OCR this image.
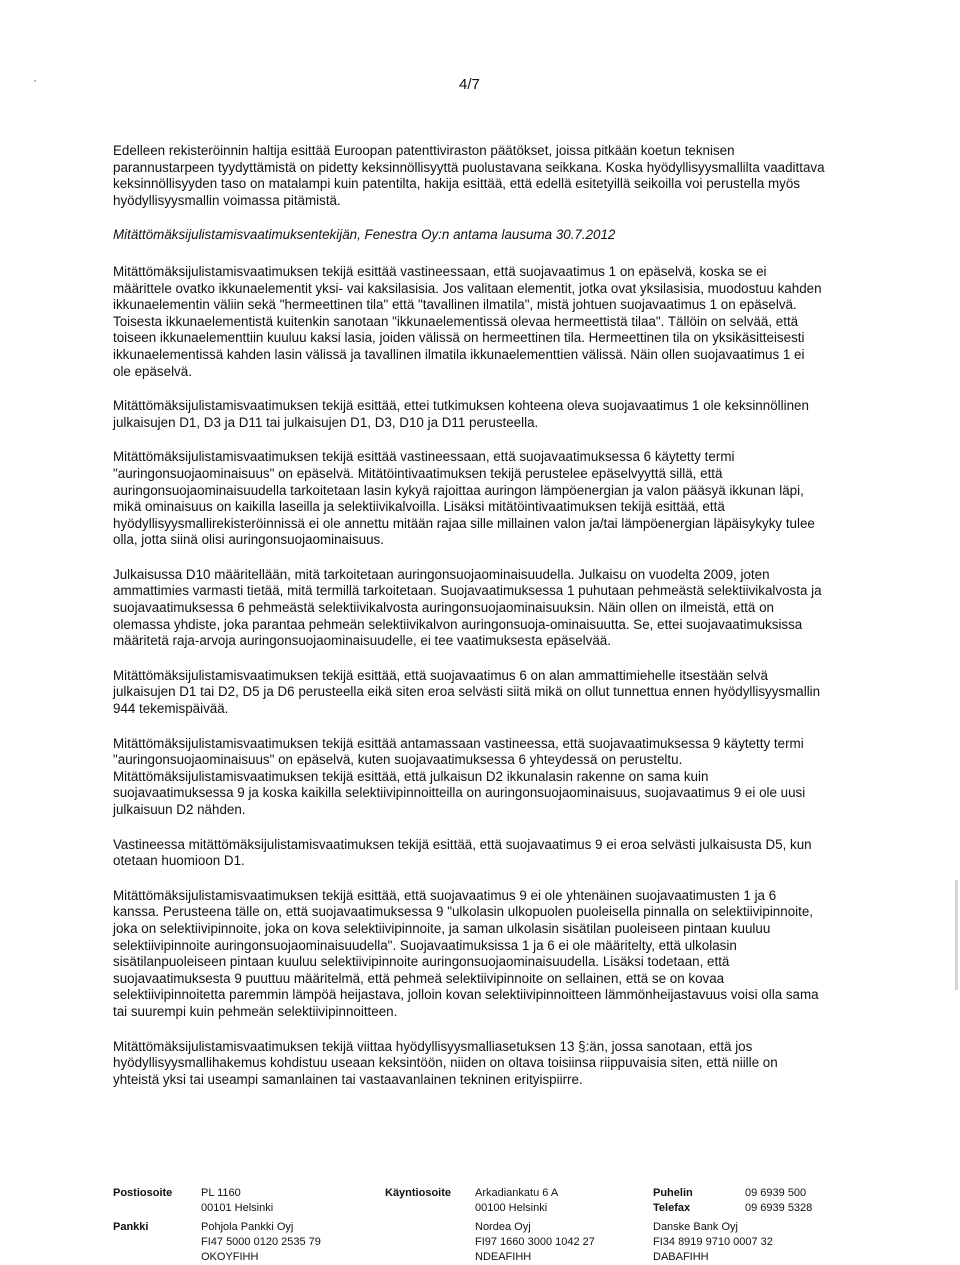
4/7

Edelleen rekisteröinnin haltija esittää Euroopan patenttiviraston päätökset, joissa pitkään koetun teknisen parannustarpeen tyydyttämistä on pidetty keksinnöllisyyttä puolustavana seikkana. Koska hyödyllisyysmallilta vaadittava keksinnöllisyyden taso on matalampi kuin patentilta, hakija esittää, että edellä esitetyillä seikoilla voi perustella myös hyödyllisyysmallin voimassa pitämistä.

Mitättömäksijulistamisvaatimuksentekijän, Fenestra Oy:n antama lausuma 30.7.2012

Mitättömäksijulistamisvaatimuksen tekijä esittää vastineessaan, että suojavaatimus 1 on epäselvä, koska se ei määrittele ovatko ikkunaelementit yksi- vai kaksilasisia. Jos valitaan elementit, jotka ovat yksilasisia, muodostuu kahden ikkunaelementin väliin sekä "hermeettinen tila" että "tavallinen ilmatila", mistä johtuen suojavaatimus 1 on epäselvä. Toisesta ikkunaelementistä kuitenkin sanotaan "ikkunaelementissä olevaa hermeettistä tilaa". Tällöin on selvää, että toiseen ikkunaelementtiin kuuluu kaksi lasia, joiden välissä on hermeettinen tila. Hermeettinen tila on yksikäsitteisesti ikkunaelementissä kahden lasin välissä ja tavallinen ilmatila ikkunaelementtien välissä. Näin ollen suojavaatimus 1 ei ole epäselvä.

Mitättömäksijulistamisvaatimuksen tekijä esittää, ettei tutkimuksen kohteena oleva suojavaatimus 1 ole keksinnöllinen julkaisujen D1, D3 ja D11 tai julkaisujen D1, D3, D10 ja D11 perusteella.

Mitättömäksijulistamisvaatimuksen tekijä esittää vastineessaan, että suojavaatimuksessa 6 käytetty termi "auringonsuojaominaisuus" on epäselvä. Mitätöintivaatimuksen tekijä perustelee epäselvyyttä sillä, että auringonsuojaominaisuudella tarkoitetaan lasin kykyä rajoittaa auringon lämpöenergian ja valon pääsyä ikkunan läpi, mikä ominaisuus on kaikilla laseilla ja selektiivikalvoilla. Lisäksi mitätöintivaatimuksen tekijä esittää, että hyödyllisyysmallirekisteröinnissä ei ole annettu mitään rajaa sille millainen valon ja/tai lämpöenergian läpäisykyky tulee olla, jotta siinä olisi auringonsuojaominaisuus.

Julkaisussa D10 määritellään, mitä tarkoitetaan auringonsuojaominaisuudella. Julkaisu on vuodelta 2009, joten ammattimies varmasti tietää, mitä termillä tarkoitetaan. Suojavaatimuksessa 1 puhutaan pehmeästä selektiivikalvosta ja suojavaatimuksessa 6 pehmeästä selektiivikalvosta auringonsuojaominaisuuksin. Näin ollen on ilmeistä, että on olemassa yhdiste, joka parantaa pehmeän selektiivikalvon auringonsuoja-ominaisuutta. Se, ettei suojavaatimuksissa määritetä raja-arvoja auringonsuojaominaisuudelle, ei tee vaatimuksesta epäselvää.

Mitättömäksijulistamisvaatimuksen tekijä esittää, että suojavaatimus 6 on alan ammattimiehelle itsestään selvä julkaisujen D1 tai D2, D5 ja D6 perusteella eikä siten eroa selvästi siitä mikä on ollut tunnettua ennen hyödyllisyysmallin 944 tekemispäivää.

Mitättömäksijulistamisvaatimuksen tekijä esittää antamassaan vastineessa, että suojavaatimuksessa 9 käytetty termi "auringonsuojaominaisuus" on epäselvä, kuten suojavaatimuksessa 6 yhteydessä on perusteltu. Mitättömäksijulistamisvaatimuksen tekijä esittää, että julkaisun D2 ikkunalasin rakenne on sama kuin suojavaatimuksessa 9 ja koska kaikilla selektiivipinnoitteilla on auringonsuojaominaisuus, suojavaatimus 9 ei ole uusi julkaisuun D2 nähden.

Vastineessa mitättömäksijulistamisvaatimuksen tekijä esittää, että suojavaatimus 9 ei eroa selvästi julkaisusta D5, kun otetaan huomioon D1.

Mitättömäksijulistamisvaatimuksen tekijä esittää, että suojavaatimus 9 ei ole yhtenäinen suojavaatimusten 1 ja 6 kanssa. Perusteena tälle on, että suojavaatimuksessa 9 "ulkolasin ulkopuolen puoleisella pinnalla on selektiivipinnoite, joka on selektiivipinnoite, joka on kova selektiivipinnoite, ja saman ulkolasin sisätilan puoleiseen pintaan kuuluu selektiivipinnoite auringonsuojaominaisuudella". Suojavaatimuksissa 1 ja 6 ei ole määritelty, että ulkolasin sisätilanpuoleiseen pintaan kuuluu selektiivipinnoite auringonsuojaominaisuudella. Lisäksi todetaan, että suojavaatimuksesta 9 puuttuu määritelmä, että pehmeä selektiivipinnoite on sellainen, että se on kovaa selektiivipinnoitetta paremmin lämpöä heijastava, jolloin kovan selektiivipinnoitteen lämmönheijastavuus voisi olla sama tai suurempi kuin pehmeän selektiivipinnoitteen.

Mitättömäksijulistamisvaatimuksen tekijä viittaa hyödyllisyysmalliasetuksen 13 §:än, jossa sanotaan, että jos hyödyllisyysmallihakemus kohdistuu useaan keksintöön, niiden on oltava toisiinsa riippuvaisia siten, että niille on yhteistä yksi tai useampi samanlainen tai vastaavanlainen tekninen erityispiirre.

Postiosoite	PL 1160
00101 Helsinki
Käyntiosoite Arkadiankatu 6 A
00100 Helsinki
Puhelin
Telefax
09 6939 500
09 6939 5328
Pankki	Pohjola Pankki Oyj
FI47 5000 0120 2535 79
OKOYFIHH
Nordea Oyj
FI97 1660 3000 1042 27
NDEAFIHH
Danske Bank Oyj
FI34 8919 9710 0007 32
DABAFIHH
